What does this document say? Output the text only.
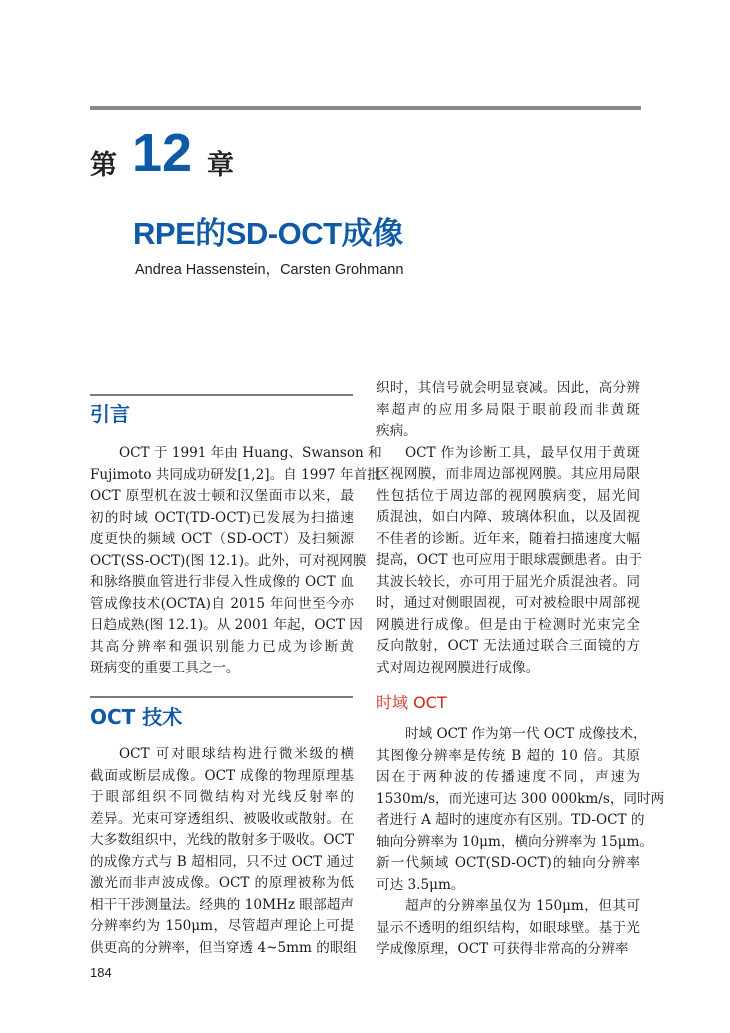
第 12 章
RPE的SD-OCT成像
Andrea Hassenstein，Carsten Grohmann
引言
OCT 于 1991 年由 Huang、Swanson 和
Fujimoto 共同成功研发[1,2]。自 1997 年首批
OCT 原型机在波士顿和汉堡面市以来，最
初的时域 OCT(TD-OCT)已发展为扫描速
度更快的频域 OCT（SD-OCT）及扫频源
OCT(SS-OCT)(图 12.1)。此外，可对视网膜
和脉络膜血管进行非侵入性成像的 OCT 血
管成像技术(OCTA)自 2015 年问世至今亦
日趋成熟(图 12.1)。从 2001 年起，OCT 因
其高分辨率和强识别能力已成为诊断黄
斑病变的重要工具之一。
OCT 技术
OCT 可对眼球结构进行微米级的横
截面或断层成像。OCT 成像的物理原理基
于眼部组织不同微结构对光线反射率的
差异。光束可穿透组织、被吸收或散射。在
大多数组织中，光线的散射多于吸收。OCT
的成像方式与 B 超相同，只不过 OCT 通过
激光而非声波成像。OCT 的原理被称为低
相干干涉测量法。经典的 10MHz 眼部超声
分辨率约为 150μm，尽管超声理论上可提
供更高的分辨率，但当穿透 4~5mm 的眼组
织时，其信号就会明显衰减。因此，高分辨
率超声的应用多局限于眼前段而非黄斑
疾病。
OCT 作为诊断工具，最早仅用于黄斑
区视网膜，而非周边部视网膜。其应用局限
性包括位于周边部的视网膜病变，屈光间
质混浊，如白内障、玻璃体积血，以及固视
不佳者的诊断。近年来，随着扫描速度大幅
提高，OCT 也可应用于眼球震颤患者。由于
其波长较长，亦可用于屈光介质混浊者。同
时，通过对侧眼固视，可对被检眼中周部视
网膜进行成像。但是由于检测时光束完全
反向散射，OCT 无法通过联合三面镜的方
式对周边视网膜进行成像。
时域 OCT
时域 OCT 作为第一代 OCT 成像技术，
其图像分辨率是传统 B 超的 10 倍。其原
因在于两种波的传播速度不同，声速为
1530m/s，而光速可达 300 000km/s，同时两
者进行 A 超时的速度亦有区别。TD-OCT 的
轴向分辨率为 10μm，横向分辨率为 15μm。
新一代频域 OCT(SD-OCT)的轴向分辨率
可达 3.5μm。
超声的分辨率虽仅为 150μm，但其可
显示不透明的组织结构，如眼球壁。基于光
学成像原理，OCT 可获得非常高的分辨率
184
